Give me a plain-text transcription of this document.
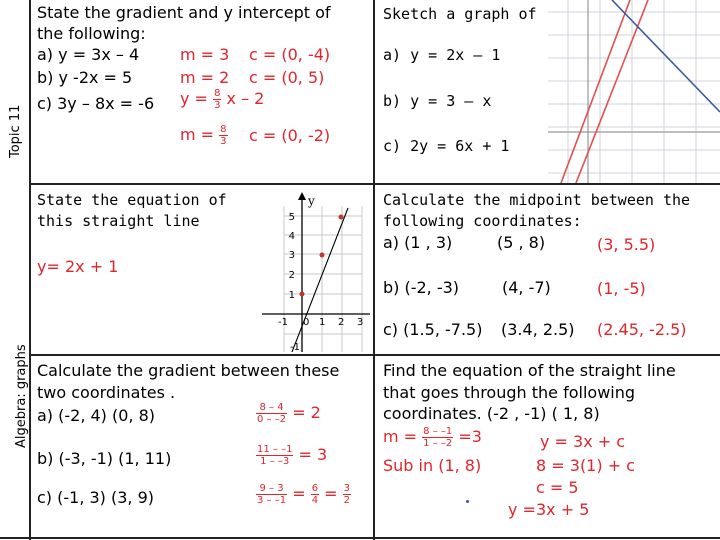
Topic 11
Algebra: graphs
State the gradient and y intercept of
the following:
a) y = 3x – 4	m = 3 c = (0, -4)
b) y -2x = 5	m = 2 c = (0, 5)
c) 3y – 8x = -6 $y = \frac{8}{3}$ x – 2
$m = \frac{8}{3}$ c = (0, -2)
Sketch a graph of
a) y = 2x – 1
b) y = 3 – x
c) 2y = 6x + 1
State the equation of
this straight line
y= 2x + 1
y
5
4
3
2
1
-1 0 1 2 3
-1
Calculate the midpoint between the
following coordinates:
a) (1 , 3)	(5 , 8)	(3, 5.5)
b) (-2, -3)	(4, -7)	(1, -5)
c) (1.5, -7.5) (3.4, 2.5) (2.45, -2.5)
Calculate the gradient between these
two coordinates .
a) (-2, 4) (0, 8)	$\frac{8 - 4}{0 - -2} = 2$
b) (-3, -1) (1, 11)	$\frac{11 - -1}{1 - -3} = 3$
c) (-1, 3) (3, 9)	$\frac{9 - 3}{3 - -1} = \frac{6}{4} = \frac{3}{2}$
Find the equation of the straight line
that goes through the following
coordinates. (-2 , -1) ( 1, 8)
$m = \frac{8 - -1}{1 - -2} =3$	y = 3x + c
Sub in (1, 8)	8 = 3(1) + c
c = 5
y =3x + 5
